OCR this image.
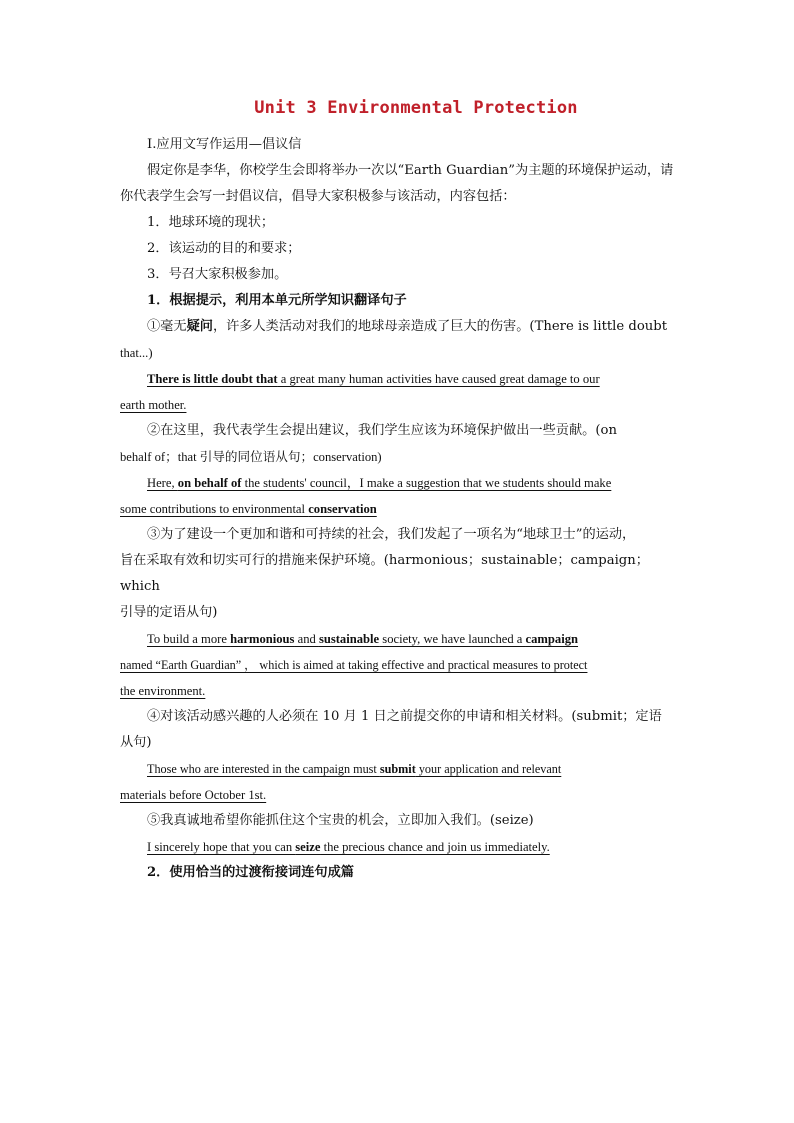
Unit 3 Environmental Protection

Ⅰ.应用文写作运用—倡议信

假定你是李华，你校学生会即将举办一次以“Earth Guardian”为主题的环境保护运动，请

你代表学生会写一封倡议信，倡导大家积极参与该活动，内容包括：

1．地球环境的现状；

2．该运动的目的和要求；

3．号召大家积极参加。

1．根据提示，利用本单元所学知识翻译句子

①毫无疑问，许多人类活动对我们的地球母亲造成了巨大的伤害。(There is little doubt

that...)

There is little doubt that a great many human activities have caused great damage to our

earth mother.

②在这里，我代表学生会提出建议，我们学生应该为环境保护做出一些贡献。(on

behalf of；that 引导的同位语从句；conservation)

Here, on behalf of the students' council，I make a suggestion that we students should make

some contributions to environmental conservation

③为了建设一个更加和谐和可持续的社会，我们发起了一项名为“地球卫士”的运动，

旨在采取有效和切实可行的措施来保护环境。(harmonious；sustainable；campaign；which

引导的定语从句)

To build a more harmonious and sustainable society, we have launched a campaign

named “Earth Guardian” ， which is aimed at taking effective and practical measures to protect

the environment.

④对该活动感兴趣的人必须在 10 月 1 日之前提交你的申请和相关材料。(submit；定语

从句)

Those who are interested in the campaign must submit your application and relevant

materials before October 1st.

⑤我真诚地希望你能抓住这个宝贵的机会，立即加入我们。(seize)

I sincerely hope that you can seize the precious chance and join us immediately.

2．使用恰当的过渡衔接词连句成篇
